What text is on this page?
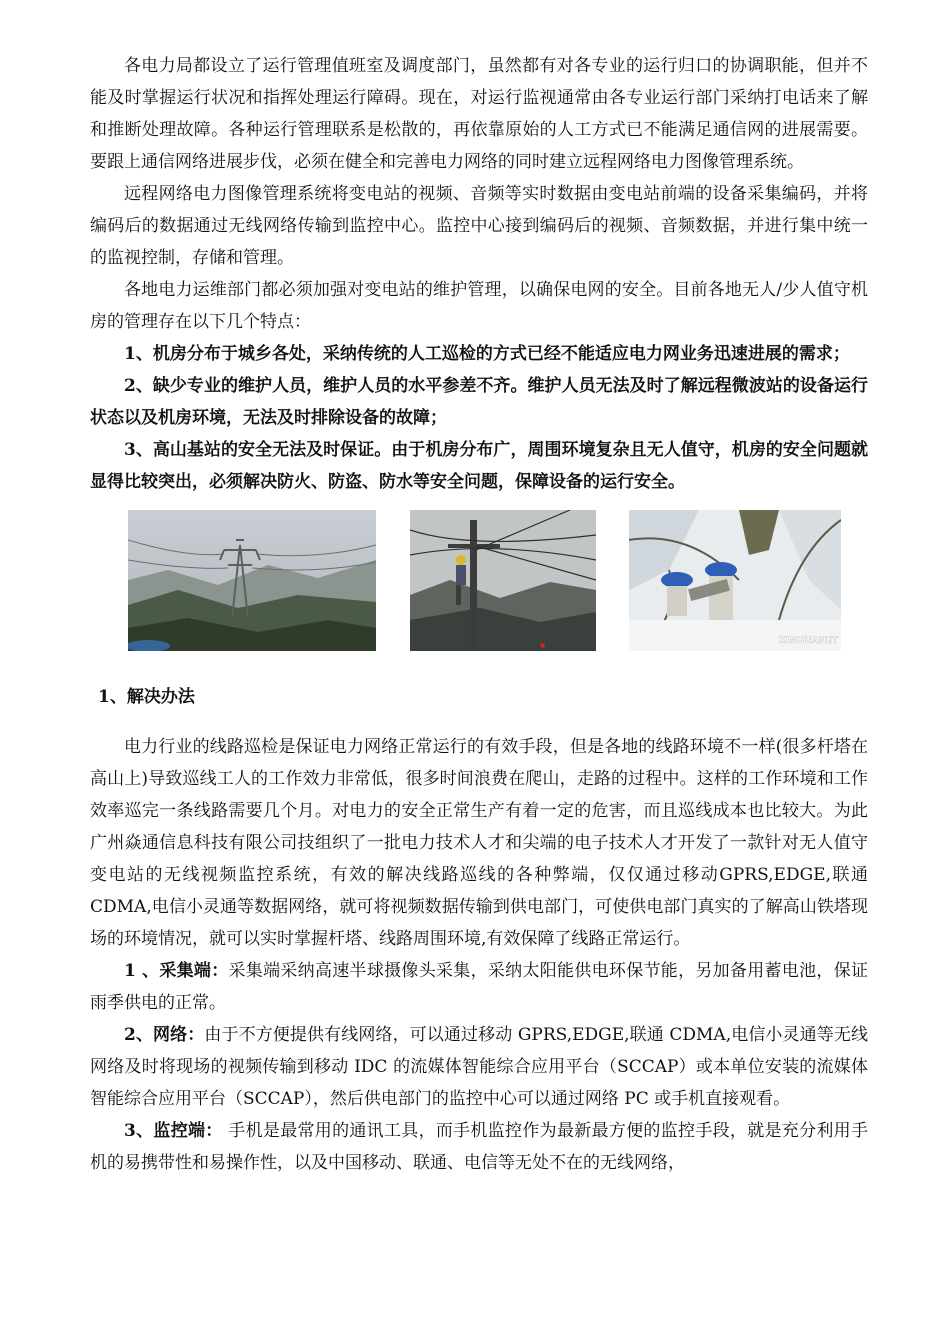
各电力局都设立了运行管理值班室及调度部门，虽然都有对各专业的运行归口的协调职能，但并不能及时掌握运行状况和指挥处理运行障碍。现在，对运行监视通常由各专业运行部门采纳打电话来了解和推断处理故障。各种运行管理联系是松散的，再依靠原始的人工方式已不能满足通信网的进展需要。要跟上通信网络进展步伐，必须在健全和完善电力网络的同时建立远程网络电力图像管理系统。

远程网络电力图像管理系统将变电站的视频、音频等实时数据由变电站前端的设备采集编码，并将编码后的数据通过无线网络传输到监控中心。监控中心接到编码后的视频、音频数据，并进行集中统一的监视控制，存储和管理。

各地电力运维部门都必须加强对变电站的维护管理，以确保电网的安全。目前各地无人/少人值守机房的管理存在以下几个特点：

1、机房分布于城乡各处，采纳传统的人工巡检的方式已经不能适应电力网业务迅速进展的需求；

2、缺少专业的维护人员，维护人员的水平参差不齐。维护人员无法及时了解远程微波站的设备运行状态以及机房环境，无法及时排除设备的故障；

3、高山基站的安全无法及时保证。由于机房分布广，周围环境复杂且无人值守，机房的安全问题就显得比较突出，必须解决防火、防盗、防水等安全问题，保障设备的运行安全。

●	XINHUANET

1、解决办法

电力行业的线路巡检是保证电力网络正常运行的有效手段，但是各地的线路环境不一样(很多杆塔在高山上)导致巡线工人的工作效力非常低，很多时间浪费在爬山，走路的过程中。这样的工作环境和工作效率巡完一条线路需要几个月。对电力的安全正常生产有着一定的危害，而且巡线成本也比较大。为此广州焱通信息科技有限公司技组织了一批电力技术人才和尖端的电子技术人才开发了一款针对无人值守变电站的无线视频监控系统，有效的解决线路巡线的各种弊端，仅仅通过移动GPRS,EDGE,联通CDMA,电信小灵通等数据网络，就可将视频数据传输到供电部门，可使供电部门真实的了解高山铁塔现场的环境情况，就可以实时掌握杆塔、线路周围环境,有效保障了线路正常运行。

1 、采集端：采集端采纳高速半球摄像头采集，采纳太阳能供电环保节能，另加备用蓄电池，保证雨季供电的正常。

2、网络：由于不方便提供有线网络，可以通过移动 GPRS,EDGE,联通 CDMA,电信小灵通等无线网络及时将现场的视频传输到移动 IDC 的流媒体智能综合应用平台（SCCAP）或本单位安装的流媒体智能综合应用平台（SCCAP），然后供电部门的监控中心可以通过网络 PC 或手机直接观看。

3、监控端： 手机是最常用的通讯工具，而手机监控作为最新最方便的监控手段，就是充分利用手机的易携带性和易操作性，以及中国移动、联通、电信等无处不在的无线网络，
